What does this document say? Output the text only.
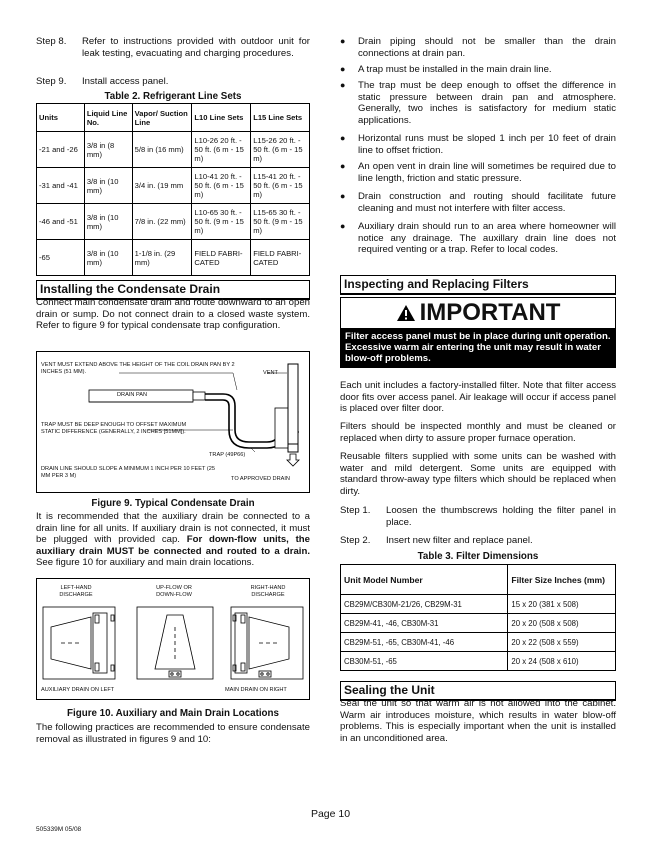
Step 8. Refer to instructions provided with outdoor unit for leak testing, evacuating and charging procedures.
Step 9. Install access panel.
Table 2. Refrigerant Line Sets
Units	Liquid Line No.	Vapor/ Suction Line	L10 Line Sets	L15 Line Sets
-21 and -26	3/8 in (8 mm)	5/8 in (16 mm)	L10-26 20 ft. - 50 ft. (6 m - 15 m)	L15-26 20 ft. - 50 ft. (6 m - 15 m)
-31 and -41	3/8 in (10 mm)	3/4 in. (19 mm	L10-41 20 ft. - 50 ft. (6 m - 15 m)	L15-41 20 ft. - 50 ft. (6 m - 15 m)
-46 and -51	3/8 in (10 mm)	7/8 in. (22 mm)	L10-65 30 ft. - 50 ft. (9 m - 15 m)	L15-65 30 ft. - 50 ft. (9 m - 15 m)
-65	3/8 in (10 mm)	1-1/8 in. (29 mm)	FIELD FABRI- CATED	FIELD FABRI- CATED
Installing the Condensate Drain
Connect main condensate drain and route downward to an open drain or sump. Do not connect drain to a closed waste system. Refer to figure 9 for typical condensate trap configuration.
VENT MUST EXTEND ABOVE THE HEIGHT OF THE COIL DRAIN PAN BY 2 INCHES (51 MM).	VENT
DRAIN PAN
TRAP MUST BE DEEP ENOUGH TO OFFSET MAXIMUM STATIC DIFFERENCE (GENERALLY, 2 INCHES [51MM]).
TRAP (49P66)
DRAIN LINE SHOULD SLOPE A MINIMUM 1 INCH PER 10 FEET (25 MM PER 3 M)
TO APPROVED DRAIN
Figure 9. Typical Condensate Drain
It is recommended that the auxiliary drain be connected to a drain line for all units. If auxiliary drain is not connected, it must be plugged with provided cap. For down-flow units, the auxiliary drain MUST be connected and routed to a drain. See figure 10 for auxiliary and main drain locations.
LEFT-HAND DISCHARGE
UP-FLOW OR DOWN-FLOW
RIGHT-HAND DISCHARGE
AUXILIARY DRAIN ON LEFT	MAIN DRAIN ON RIGHT
Figure 10. Auxiliary and Main Drain Locations
The following practices are recommended to ensure condensate removal as illustrated in figures 9 and 10:
● Drain piping should not be smaller than the drain connections at drain pan.
● A trap must be installed in the main drain line.
● The trap must be deep enough to offset the difference in static pressure between drain pan and atmosphere. Generally, two inches is satisfactory for medium static applications.
● Horizontal runs must be sloped 1 inch per 10 feet of drain line to offset friction.
● An open vent in drain line will sometimes be required due to line length, friction and static pressure.
● Drain construction and routing should facilitate future cleaning and must not interfere with filter access.
● Auxiliary drain should run to an area where homeowner will notice any drainage. The auxillary drain line does not required venting or a trap. Refer to local codes.
Inspecting and Replacing Filters
IMPORTANT
Filter access panel must be in place during unit operation. Excessive warm air entering the unit may result in water blow-off problems.
Each unit includes a factory-installed filter. Note that filter access door fits over access panel. Air leakage will occur if access panel is placed over filter door.
Filters should be inspected monthly and must be cleaned or replaced when dirty to assure proper furnace operation.
Reusable filters supplied with some units can be washed with water and mild detergent. Some units are equipped with standard throw-away type filters which should be replaced when dirty.
Step 1. Loosen the thumbscrews holding the filter panel in place.
Step 2. Insert new filter and replace panel.
Table 3. Filter Dimensions
Unit Model Number	Filter Size Inches (mm)
CB29M/CB30M-21/26, CB29M-31	15 x 20 (381 x 508)
CB29M-41, -46, CB30M-31	20 x 20 (508 x 508)
CB29M-51, -65, CB30M-41, -46	20 x 22 (508 x 559)
CB30M-51, -65	20 x 24 (508 x 610)
Sealing the Unit
Seal the unit so that warm air is not allowed into the cabinet. Warm air introduces moisture, which results in water blow-off problems. This is especially important when the unit is installed in an unconditioned area.
Page 10
505339M 05/08
